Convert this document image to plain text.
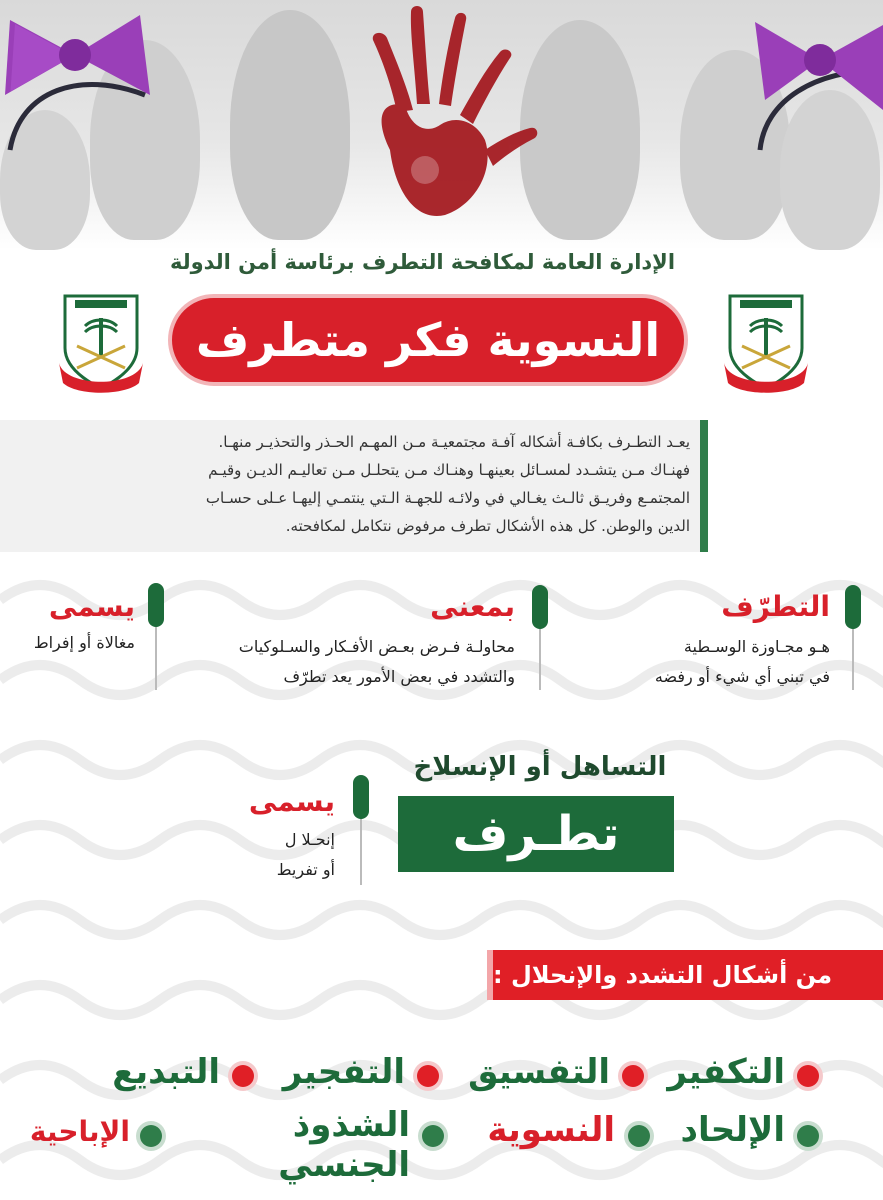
الإدارة العامة لمكافحة التطرف برئاسة أمن الدولة
النسوية فكر متطرف
يعـد التطـرف بكافـة أشكاله آفـة مجتمعيـة مـن المهـم الحـذر والتحذيـر منهـا.
فهنـاك مـن يتشـدد لمسـائل بعينهـا وهنـاك مـن يتحلـل مـن تعاليـم الديـن وقيـم
المجتمـع وفريـق ثالـث يغـالي في ولائـه للجهـة الـتي ينتمـي إليهـا عـلى حسـاب
الدين والوطن. كل هذه الأشكال تطرف مرفوض نتكامل لمكافحته.
التطرّف
هـو مجـاوزة الوسـطية
في تبني أي شيء أو رفضه
بمعنى
محاولـة فـرض بعـض الأفـكار والسـلوكيات
والتشدد في بعض الأمور يعد تطرّف
يسمى
مغالاة أو إفراط
التساهل أو الإنسلاخ
تطـرف
يسمى
إنحـلا ل
أو تفريط
من أشكال التشدد والإنحلال :
التكفير
التفسيق
التفجير
التبديع
الإلحاد
النسوية
الشذوذ الجنسي
الإباحية
